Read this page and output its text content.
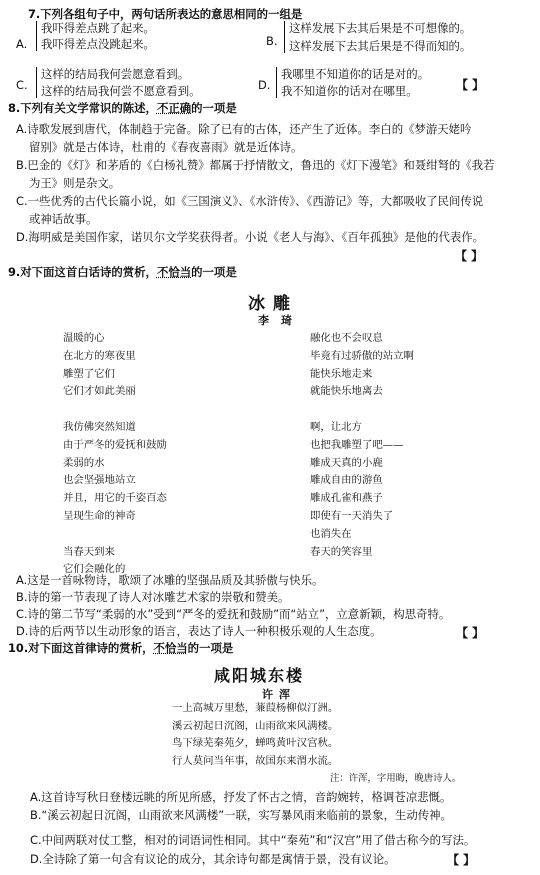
7.下列各组句子中，两句话所表达的意思相同的一组是
A.
我吓得差点跳了起来。
我吓得差点没跳起来。	B.
这样发展下去其后果是不可想像的。
这样发展下去其后果是不得而知的。
C.
这样的结局我何尝愿意看到。
这样的结局我何尝不愿意看到。	D.
我哪里不知道你的话是对的。
我不知道你的话对在哪里。	【 】
8.下列有关文学常识的陈述，不正确的一项是
A.诗歌发展到唐代，体制趋于完备。除了已有的古体，还产生了近体。李白的《梦游天姥吟
留别》就是古体诗，杜甫的《春夜喜雨》就是近体诗。
B.巴金的《灯》和茅盾的《白杨礼赞》都属于抒情散文，鲁迅的《灯下漫笔》和聂绀弩的《我若
为王》则是杂文。
C.一些优秀的古代长篇小说，如《三国演义》、《水浒传》、《西游记》等，大都吸收了民间传说
或神话故事。
D.海明威是美国作家，诺贝尔文学奖获得者。小说《老人与海》、《百年孤独》是他的代表作。
【 】
9.对下面这首白话诗的赏析，不恰当的一项是
冰雕
李琦
温暖的心
在北方的寒夜里
雕塑了它们
它们才如此美丽
我仿佛突然知道
由于严冬的爱抚和鼓励
柔弱的水
也会坚强地站立
并且，用它的千姿百态
呈现生命的神奇
当春天到来
它们会融化的
融化也不会叹息
毕竟有过骄傲的站立啊
能快乐地走来
就能快乐地离去
啊，让北方
也把我雕塑了吧——
雕成天真的小鹿
雕成自由的游鱼
雕成孔雀和燕子
即使有一天消失了
也消失在
春天的笑容里
A.这是一首咏物诗，歌颂了冰雕的坚强品质及其骄傲与快乐。
B.诗的第一节表现了诗人对冰雕艺术家的崇敬和赞美。
C.诗的第二节写“柔弱的水”受到“严冬的爱抚和鼓励”而“站立”，立意新颖，构思奇特。
D.诗的后两节以生动形象的语言，表达了诗人一种积极乐观的人生态度。	【 】
10.对下面这首律诗的赏析，不恰当的一项是
咸阳城东楼
许浑
一上高城万里愁，蒹葭杨柳似汀洲。
溪云初起日沉阁，山雨欲来风满楼。
鸟下绿芜秦苑夕，蝉鸣黄叶汉宫秋。
行人莫问当年事，故国东来渭水流。
注：许浑，字用晦，晚唐诗人。
A.这首诗写秋日登楼远眺的所见所感，抒发了怀古之情，音韵婉转，格调苍凉悲慨。
B.“溪云初起日沉阁，山雨欲来风满楼”一联，实写暴风雨来临前的景象，生动传神。
C.中间两联对仗工整，相对的词语词性相同。其中“秦苑”和“汉宫”用了借古称今的写法。
D.全诗除了第一句含有议论的成分，其余诗句都是寓情于景，没有议论。	【 】
